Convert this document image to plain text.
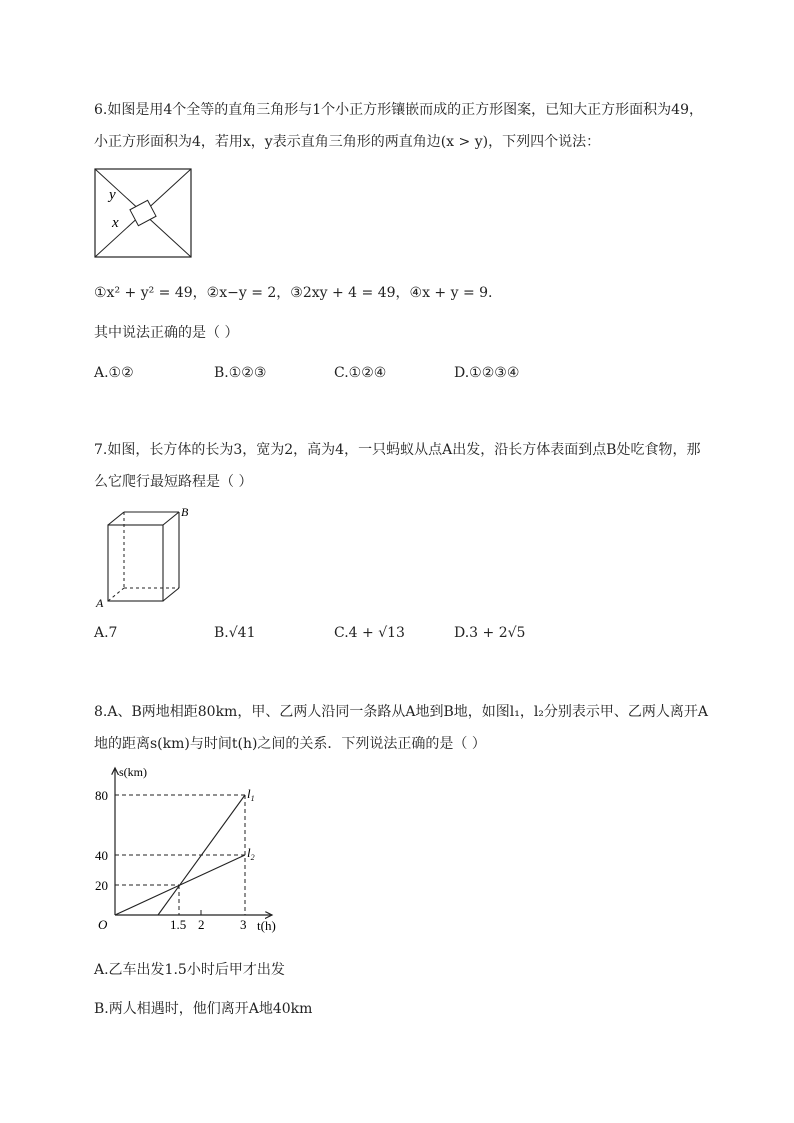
6.如图是用4个全等的直角三角形与1个小正方形镶嵌而成的正方形图案，已知大正方形面积为49，
小正方形面积为4，若用x，y表示直角三角形的两直角边(x > y)，下列四个说法：
y
x
①x² + y² = 49，②x−y = 2，③2xy + 4 = 49，④x + y = 9.
其中说法正确的是（ ）
A.①②	B.①②③	C.①②④	D.①②③④
7.如图，长方体的长为3，宽为2，高为4，一只蚂蚁从点A出发，沿长方体表面到点B处吃食物，那
么它爬行最短路程是（ ）
A
B
A.7	B.√41	C.4 + √13	D.3 + 2√5
8.A、B两地相距80km，甲、乙两人沿同一条路从A地到B地，如图l₁，l₂分别表示甲、乙两人离开A
地的距离s(km)与时间t(h)之间的关系．下列说法正确的是（ ）
s(km)
80
40
20
O	1.5 2	3 t(h)
$l_1$
$l_2$
A.乙车出发1.5小时后甲才出发
B.两人相遇时，他们离开A地40km
